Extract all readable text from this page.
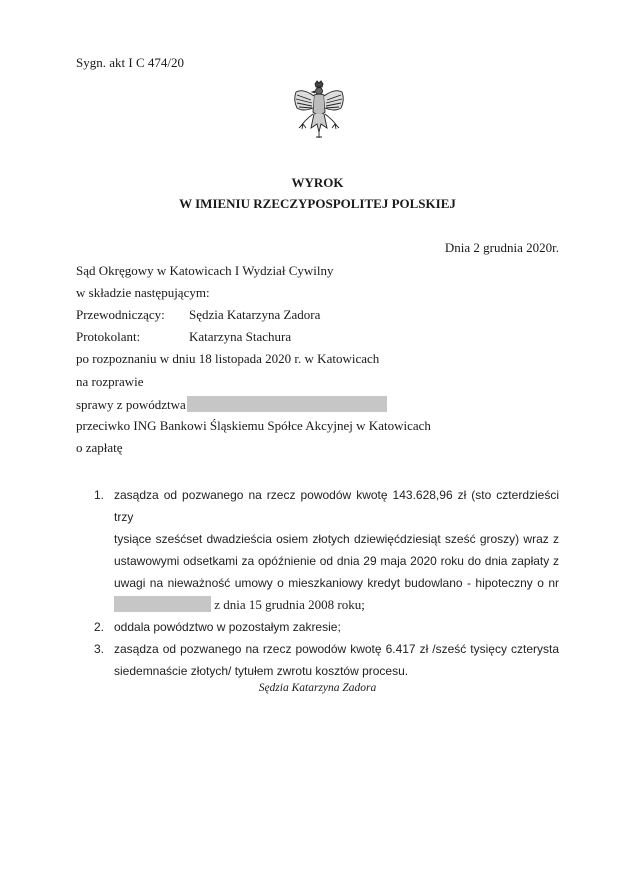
Sygn. akt I C 474/20
WYROK
W IMIENIU RZECZYPOSPOLITEJ POLSKIEJ
Dnia 2 grudnia 2020r.
Sąd Okręgowy w Katowicach I Wydział Cywilny
w składzie następującym:
Przewodniczący: Sędzia Katarzyna Zadora
Protokolant:	Katarzyna Stachura
po rozpoznaniu w dniu 18 listopada 2020 r. w Katowicach
na rozprawie
sprawy z powództwa
przeciwko ING Bankowi Śląskiemu Spółce Akcyjnej w Katowicach
o zapłatę
1. zasądza od pozwanego na rzecz powodów kwotę 143.628,96 zł (sto czterdzieści trzy

tysiące sześćset dwadzieścia osiem złotych dziewięćdziesiąt sześć groszy) wraz z

ustawowymi odsetkami za opóźnienie od dnia 29 maja 2020 roku do dnia zapłaty z

uwagi na nieważność umowy o mieszkaniowy kredyt budowlano - hipoteczny o nr

z dnia 15 grudnia 2008 roku;

2. oddala powództwo w pozostałym zakresie;

3. zasądza od pozwanego na rzecz powodów kwotę 6.417 zł /sześć tysięcy czterysta

siedemnaście złotych/ tytułem zwrotu kosztów procesu.

Sędzia Katarzyna Zadora
